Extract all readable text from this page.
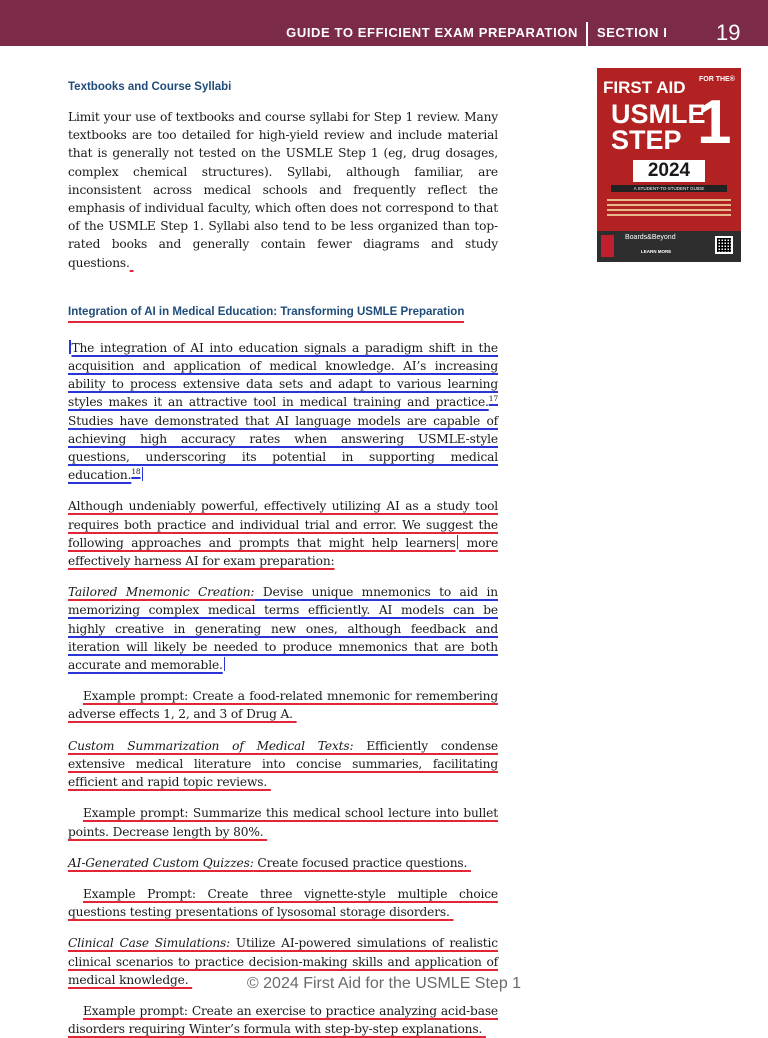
GUIDE TO EFFICIENT EXAM PREPARATION SECTION I 19
Textbooks and Course Syllabi

Limit your use of textbooks and course syllabi for Step 1 review. Many textbooks are too detailed for high-yield review and include material that is generally not tested on the USMLE Step 1 (eg, drug dosages, complex chemical structures). Syllabi, although familiar, are inconsistent across medical schools and frequently reflect the emphasis of individual faculty, which often does not correspond to that of the USMLE Step 1. Syllabi also tend to be less organized than top-rated books and generally contain fewer diagrams and study questions.

Integration of AI in Medical Education: Transforming USMLE Preparation

The integration of AI into education signals a paradigm shift in the acquisition and application of medical knowledge. AI’s increasing ability to process extensive data sets and adapt to various learning styles makes it an attractive tool in medical training and practice.$^{17}$ Studies have demonstrated that AI language models are capable of achieving high accuracy rates when answering USMLE-style questions, underscoring its potential in supporting medical education.$^{18}$

Although undeniably powerful, effectively utilizing AI as a study tool requires both practice and individual trial and error. We suggest the following approaches and prompts that might help learners more effectively harness AI for exam preparation:

Tailored Mnemonic Creation: Devise unique mnemonics to aid in memorizing complex medical terms efficiently. AI models can be highly creative in generating new ones, although feedback and iteration will likely be needed to produce mnemonics that are both accurate and memorable.

Example prompt: Create a food-related mnemonic for remembering adverse effects 1, 2, and 3 of Drug A.

Custom Summarization of Medical Texts: Efficiently condense extensive medical literature into concise summaries, facilitating efficient and rapid topic reviews.

Example prompt: Summarize this medical school lecture into bullet points. Decrease length by 80%.

AI-Generated Custom Quizzes: Create focused practice questions.

Example Prompt: Create three vignette-style multiple choice questions testing presentations of lysosomal storage disorders.

Clinical Case Simulations: Utilize AI-powered simulations of realistic clinical scenarios to practice decision-making skills and application of medical knowledge.

Example prompt: Create an exercise to practice analyzing acid-base disorders requiring Winter’s formula with step-by-step explanations.

FIRST AID FOR THE®
USMLE
STEP 1
2024
A STUDENT-TO-STUDENT GUIDE
Boards&Beyond
LEARN MORE
© 2024 First Aid for the USMLE Step 1
